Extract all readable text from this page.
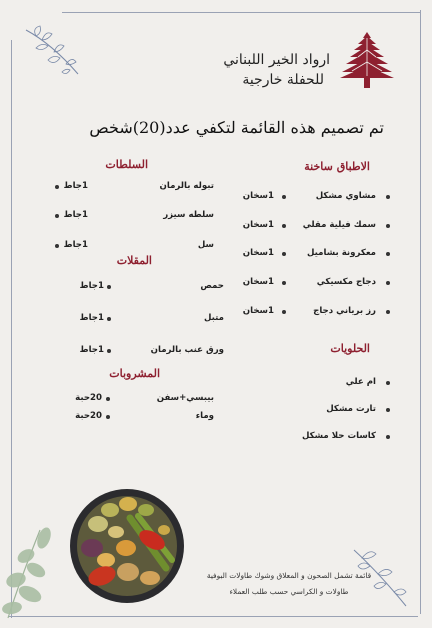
ارواد الخير اللبناني
للحفلة خارجية
تم تصميم هذه القائمة لتكفي عدد(20)شخص
الاطباق ساخنة
مشاوي مشكل
1سخان
سمك فيلية مقلي
1سخان
معكرونة بشاميل
1سخان
دجاج مكسيكي
1سخان
رز برياني دجاج
1سخان
السلطات
تبوله بالرمان
1جاط
سلطه سيزر
1جاط
سل
1جاط
المقلات
حمص
1جاط
متبل
1جاط
ورق عنب بالرمان
1جاط
المشروبات
بيبسي+سفن
20حبة
وماء
20حبة
الحلويات
ام علي
تارت مشكل
كاسات حلا مشكل
قائمة تشمل الصحون و المعلاق وشوك طاولات البوفية
طاولات و الكراسي حسب طلب العملاء
